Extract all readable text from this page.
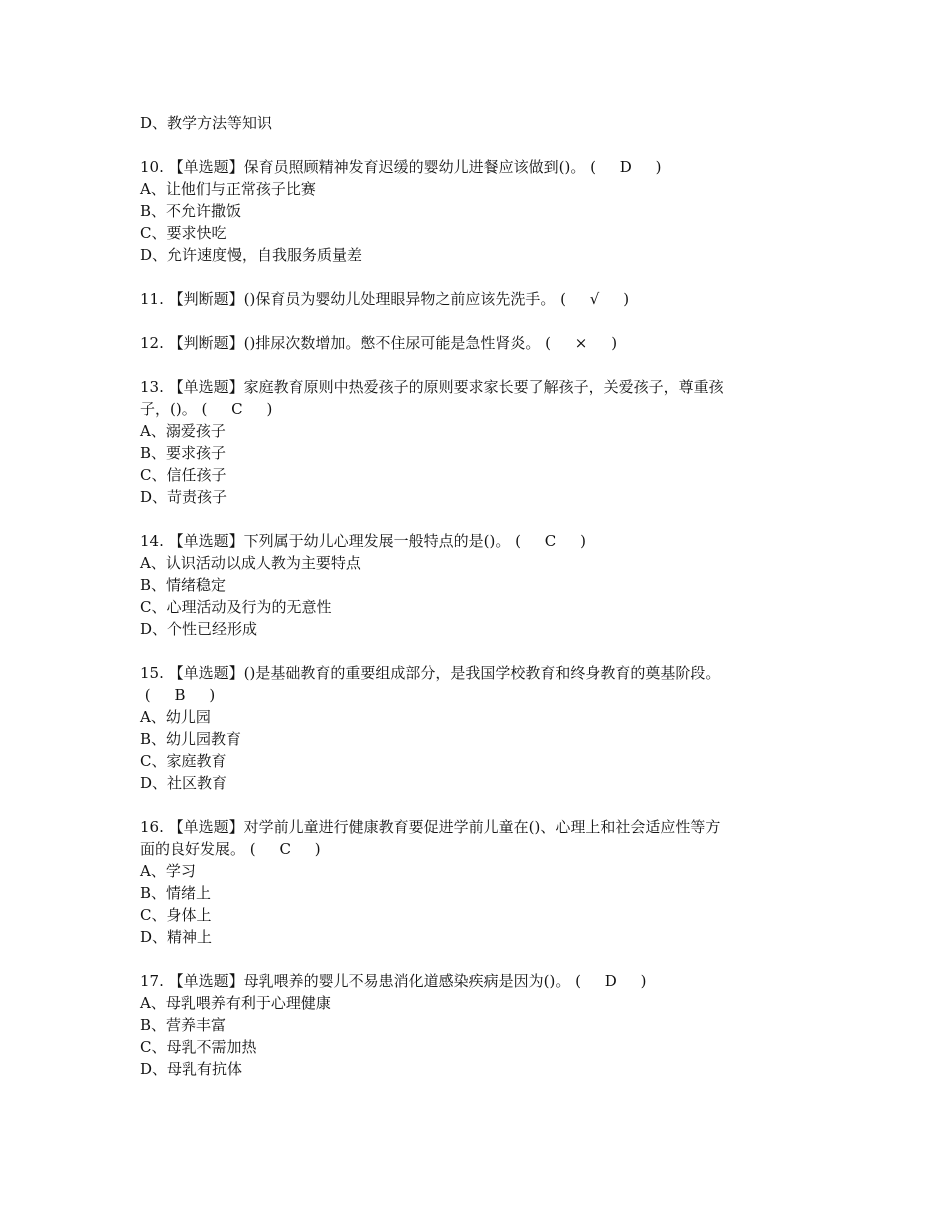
D、教学方法等知识
10. 【单选题】保育员照顾精神发育迟缓的婴幼儿进餐应该做到()。 (     D     )
A、让他们与正常孩子比赛
B、不允许撒饭
C、要求快吃
D、允许速度慢，自我服务质量差
11. 【判断题】()保育员为婴幼儿处理眼异物之前应该先洗手。 (     √     )
12. 【判断题】()排尿次数增加。憋不住尿可能是急性肾炎。 (     ×     )
13. 【单选题】家庭教育原则中热爱孩子的原则要求家长要了解孩子，关爱孩子，尊重孩
子，()。 (     C     )
A、溺爱孩子
B、要求孩子
C、信任孩子
D、苛责孩子
14. 【单选题】下列属于幼儿心理发展一般特点的是()。 (     C     )
A、认识活动以成人教为主要特点
B、情绪稳定
C、心理活动及行为的无意性
D、个性已经形成
15. 【单选题】()是基础教育的重要组成部分，是我国学校教育和终身教育的奠基阶段。
(     B     )
A、幼儿园
B、幼儿园教育
C、家庭教育
D、社区教育
16. 【单选题】对学前儿童进行健康教育要促进学前儿童在()、心理上和社会适应性等方
面的良好发展。 (     C     )
A、学习
B、情绪上
C、身体上
D、精神上
17. 【单选题】母乳喂养的婴儿不易患消化道感染疾病是因为()。 (     D     )
A、母乳喂养有利于心理健康
B、营养丰富
C、母乳不需加热
D、母乳有抗体
